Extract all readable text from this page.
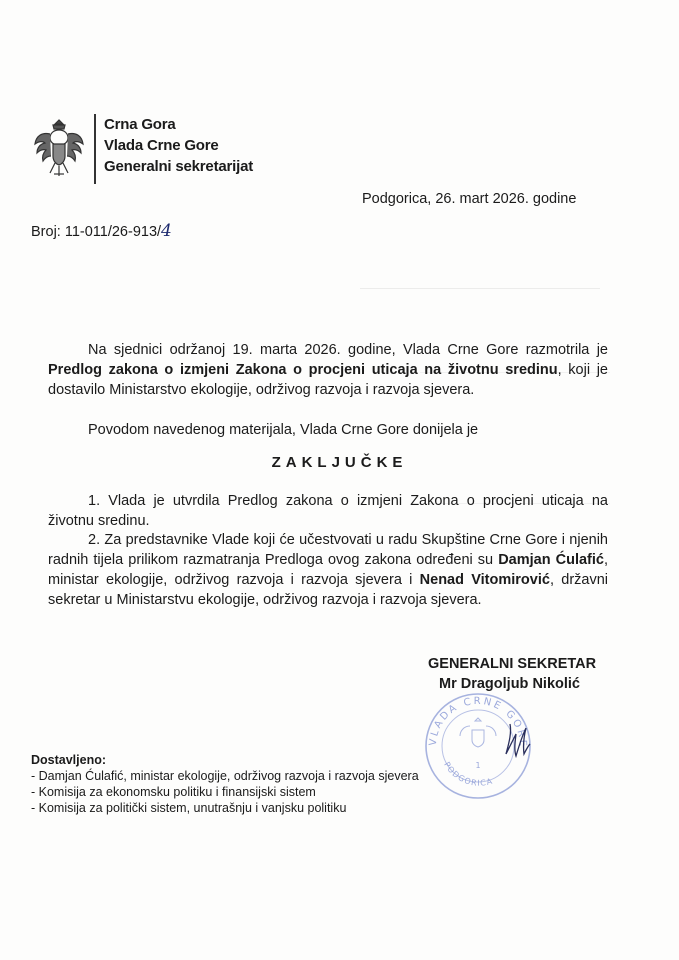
Crna Gora
Vlada Crne Gore
Generalni sekretarijat
Podgorica, 26. mart 2026. godine
Broj: 11-011/26-913/4
Na sjednici održanoj 19. marta 2026. godine, Vlada Crne Gore razmotrila je Predlog zakona o izmjeni Zakona o procjeni uticaja na životnu sredinu, koji je dostavilo Ministarstvo ekologije, održivog razvoja i razvoja sjevera.
Povodom navedenog materijala, Vlada Crne Gore donijela je
ZAKLJUČKE
1. Vlada je utvrdila Predlog zakona o izmjeni Zakona o procjeni uticaja na životnu sredinu.
2. Za predstavnike Vlade koji će učestvovati u radu Skupštine Crne Gore i njenih radnih tijela prilikom razmatranja Predloga ovog zakona određeni su Damjan Ćulafić, ministar ekologije, održivog razvoja i razvoja sjevera i Nenad Vitomirović, državni sekretar u Ministarstvu ekologije, održivog razvoja i razvoja sjevera.
VLADA CRNE GORE
PODGORICA
1
GENERALNI SEKRETAR
Mr Dragoljub Nikolić
Dostavljeno:
- Damjan Ćulafić, ministar ekologije, održivog razvoja i razvoja sjevera
- Komisija za ekonomsku politiku i finansijski sistem
- Komisija za politički sistem, unutrašnju i vanjsku politiku
